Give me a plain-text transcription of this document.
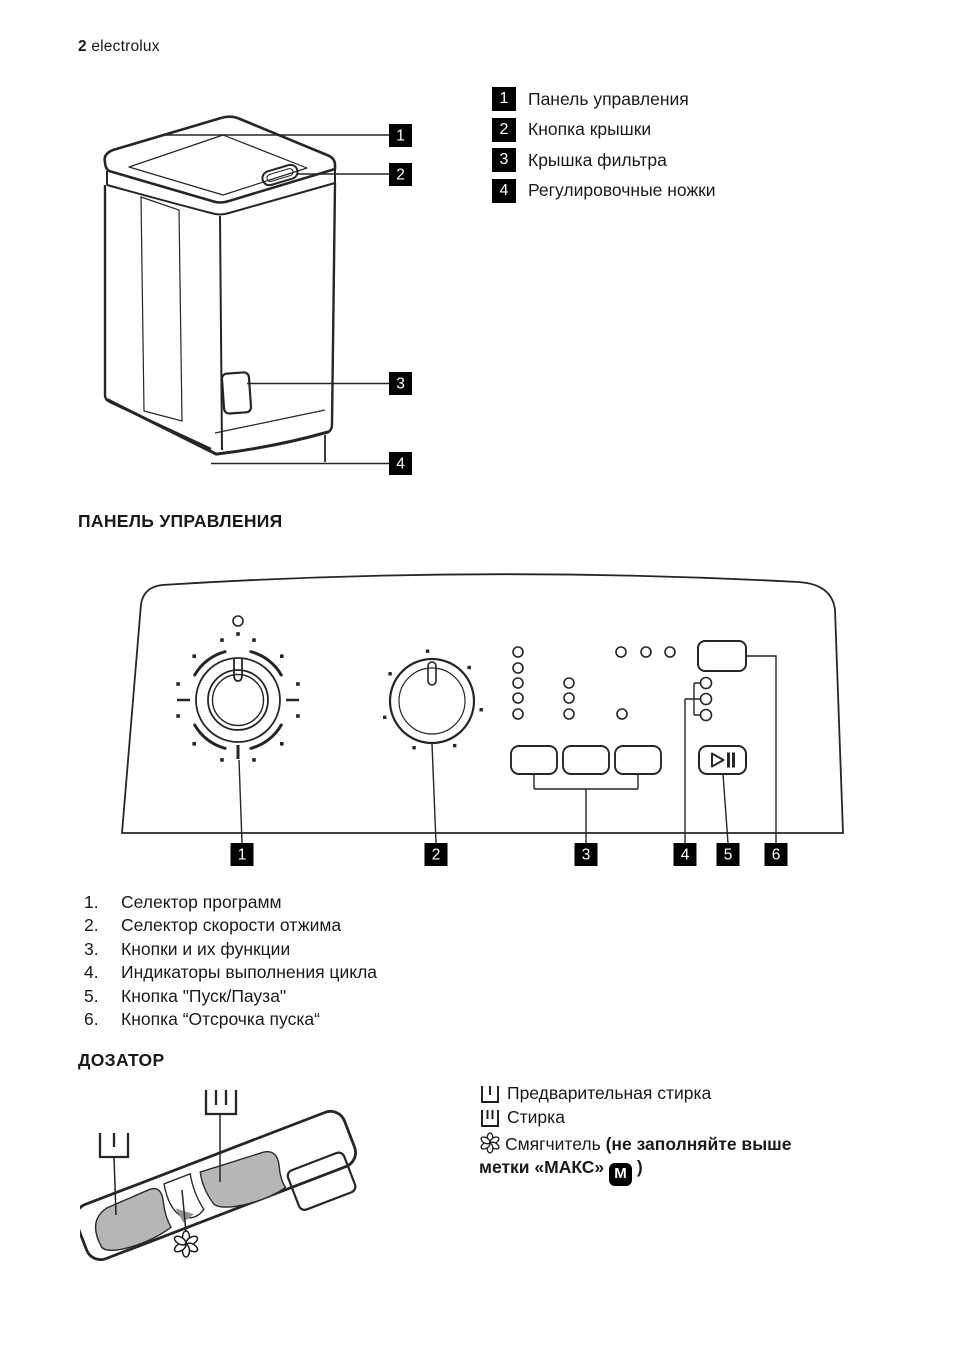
2 electrolux
1
2
3
4
1	Панель управления
2	Кнопка крышки
3	Крышка фильтра
4	Регулировочные ножки
ПАНЕЛЬ УПРАВЛЕНИЯ
1	2	3	4 5	6
1.	Селектор программ
2.	Селектор скорости отжима
3.	Кнопки и их функции
4.	Индикаторы выполнения цикла
5.	Кнопка "Пуск/Пауза"
6.	Кнопка “Отсрочка пуска“
ДОЗАТОР
Предварительная стирка
Стирка
Смягчитель (не заполняйте выше
метки «МАКС» M )
